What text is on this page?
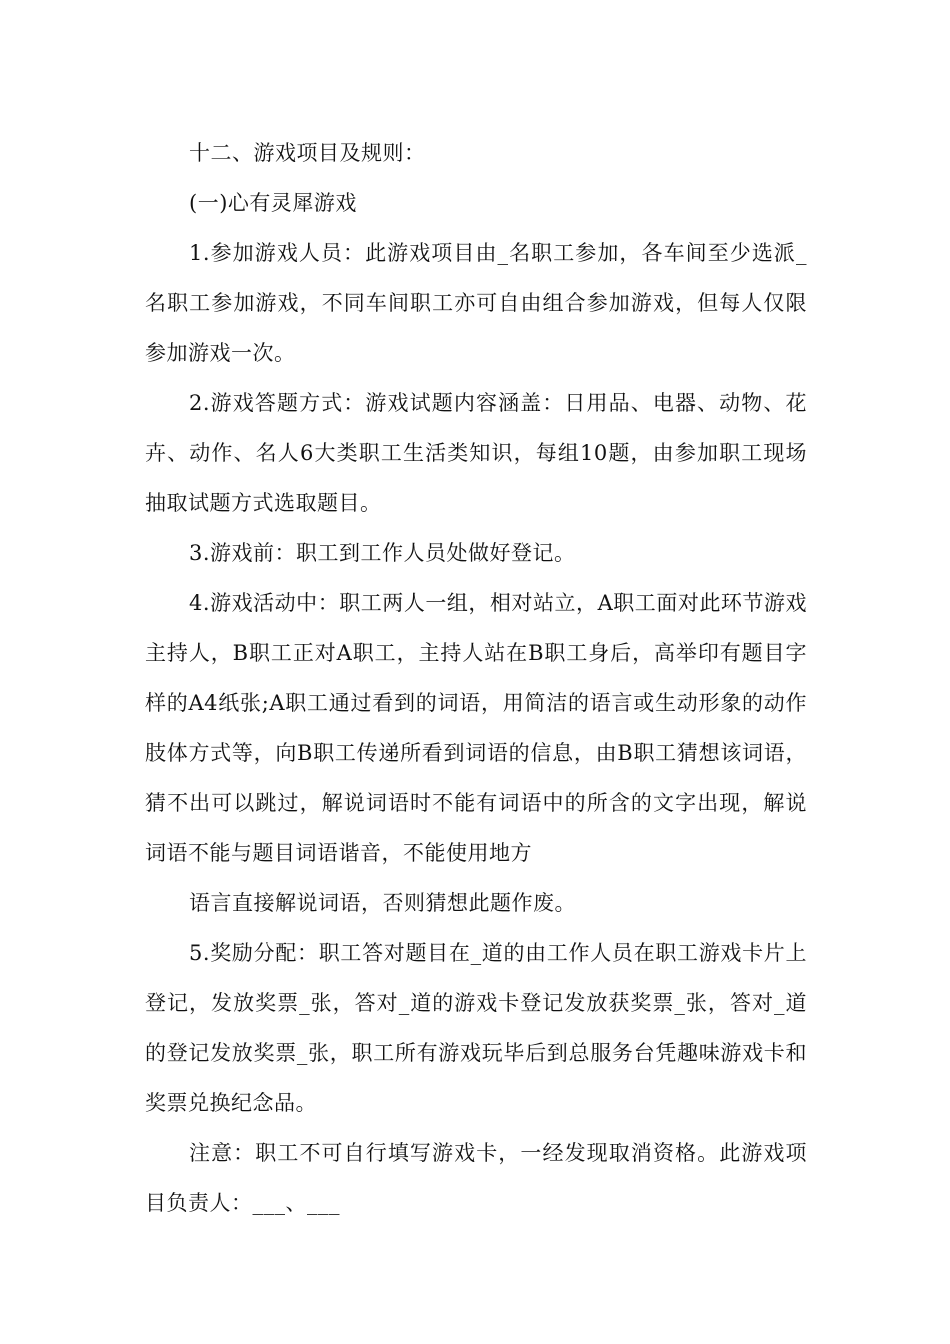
十二、游戏项目及规则：

(一)心有灵犀游戏

1.参加游戏人员：此游戏项目由_名职工参加，各车间至少选派_名职工参加游戏，不同车间职工亦可自由组合参加游戏，但每人仅限参加游戏一次。

2.游戏答题方式：游戏试题内容涵盖：日用品、电器、动物、花卉、动作、名人6大类职工生活类知识，每组10题，由参加职工现场抽取试题方式选取题目。

3.游戏前：职工到工作人员处做好登记。

4.游戏活动中：职工两人一组，相对站立，A职工面对此环节游戏主持人，B职工正对A职工，主持人站在B职工身后，高举印有题目字样的A4纸张;A职工通过看到的词语，用简洁的语言或生动形象的动作肢体方式等，向B职工传递所看到词语的信息，由B职工猜想该词语，猜不出可以跳过，解说词语时不能有词语中的所含的文字出现，解说词语不能与题目词语谐音，不能使用地方

语言直接解说词语，否则猜想此题作废。

5.奖励分配：职工答对题目在_道的由工作人员在职工游戏卡片上登记，发放奖票_张，答对_道的游戏卡登记发放获奖票_张，答对_道的登记发放奖票_张，职工所有游戏玩毕后到总服务台凭趣味游戏卡和奖票兑换纪念品。

注意：职工不可自行填写游戏卡，一经发现取消资格。此游戏项目负责人：___、___
